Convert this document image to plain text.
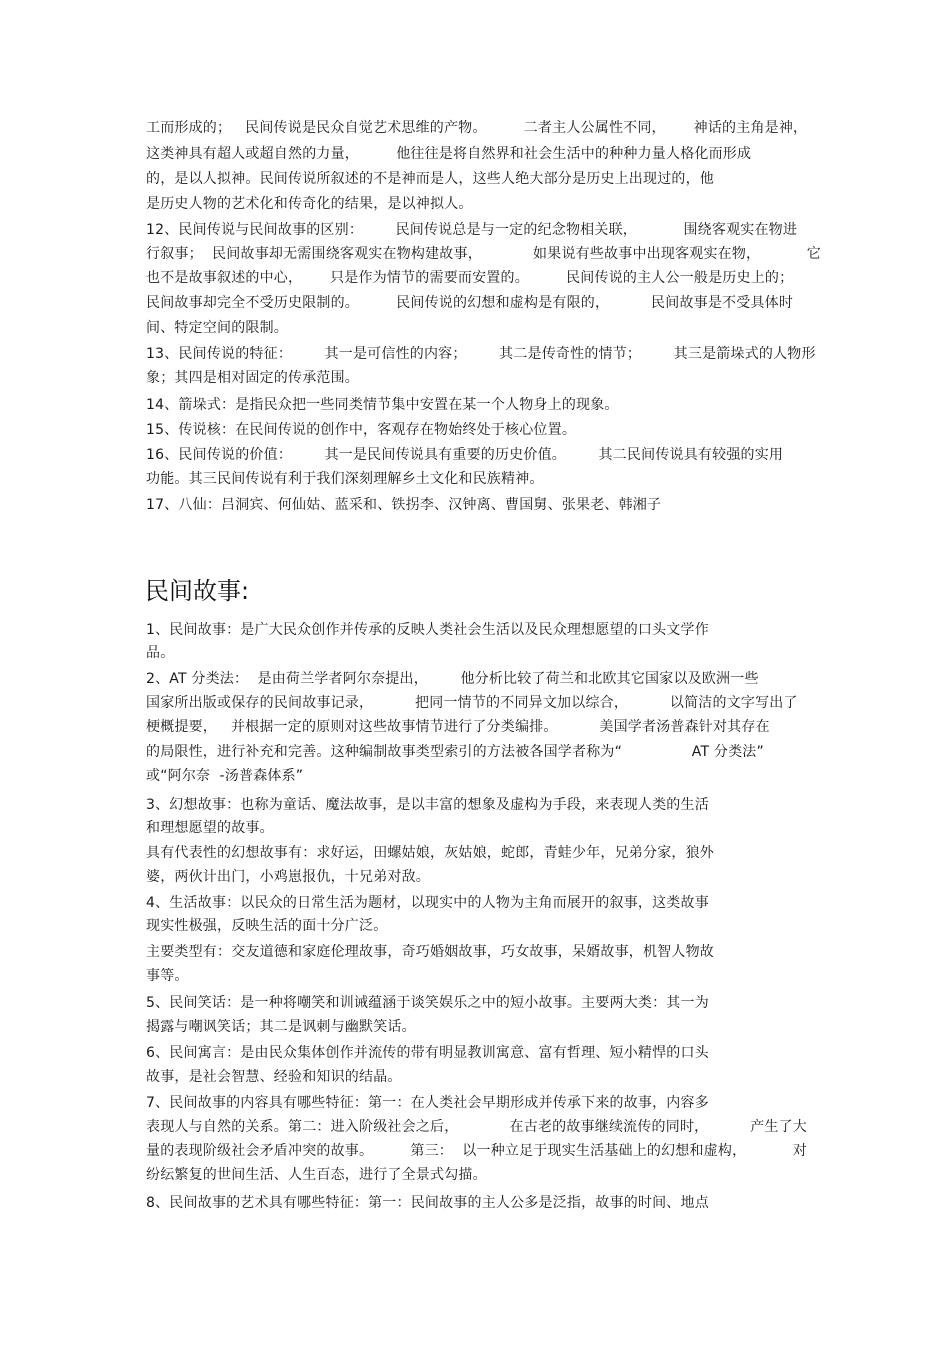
工而形成的；   民间传说是民众自觉艺术思维的产物。        二者主人公属性不同，      神话的主角是神，
这类神具有超人或超自然的力量，        他往往是将自然界和社会生活中的种种力量人格化而形成
的，是以人拟神。民间传说所叙述的不是神而是人，这些人绝大部分是历史上出现过的，他
是历史人物的艺术化和传奇化的结果，是以神拟人。
12、民间传说与民间故事的区别：       民间传说总是与一定的纪念物相关联，          围绕客观实在物进
行叙事；  民间故事却无需围绕客观实在物构建故事，           如果说有些故事中出现客观实在物，          它
也不是故事叙述的中心，      只是作为情节的需要而安置的。        民间传说的主人公一般是历史上的；
民间故事却完全不受历史限制的。        民间传说的幻想和虚构是有限的，         民间故事是不受具体时
间、特定空间的限制。
13、民间传说的特征：       其一是可信性的内容；       其二是传奇性的情节；       其三是箭垛式的人物形
象；其四是相对固定的传承范围。
14、箭垛式：是指民众把一些同类情节集中安置在某一个人物身上的现象。
15、传说核：在民间传说的创作中，客观存在物始终处于核心位置。
16、民间传说的价值：       其一是民间传说具有重要的历史价值。       其二民间传说具有较强的实用
功能。其三民间传说有利于我们深刻理解乡土文化和民族精神。
17、八仙：吕洞宾、何仙姑、蓝采和、铁拐李、汉钟离、曹国舅、张果老、韩湘子
民间故事:
1、民间故事：是广大民众创作并传承的反映人类社会生活以及民众理想愿望的口头文学作
品。
2、AT 分类法：  是由荷兰学者阿尔奈提出，       他分析比较了荷兰和北欧其它国家以及欧洲一些
国家所出版或保存的民间故事记录，         把同一情节的不同异文加以综合，         以简洁的文字写出了
梗概提要，   并根据一定的原则对这些故事情节进行了分类编排。         美国学者汤普森针对其存在
的局限性，进行补充和完善。这种编制故事类型索引的方法被各国学者称为“               AT 分类法”
或“阿尔奈  -汤普森体系”
3、幻想故事：也称为童话、魔法故事，是以丰富的想象及虚构为手段，来表现人类的生活
和理想愿望的故事。
具有代表性的幻想故事有：求好运，田螺姑娘，灰姑娘，蛇郎，青蛙少年，兄弟分家，狼外
婆，两伙计出门，小鸡崽报仇，十兄弟对敌。
4、生活故事：以民众的日常生活为题材，以现实中的人物为主角而展开的叙事，这类故事
现实性极强，反映生活的面十分广泛。
主要类型有：交友道德和家庭伦理故事，奇巧婚姻故事，巧女故事，呆婿故事，机智人物故
事等。
5、民间笑话：是一种将嘲笑和训诫蕴涵于谈笑娱乐之中的短小故事。主要两大类：其一为
揭露与嘲讽笑话；其二是讽刺与幽默笑话。
6、民间寓言：是由民众集体创作并流传的带有明显教训寓意、富有哲理、短小精悍的口头
故事，是社会智慧、经验和知识的结晶。
7、民间故事的内容具有哪些特征：第一：在人类社会早期形成并传承下来的故事，内容多
表现人与自然的关系。第二：进入阶级社会之后，           在古老的故事继续流传的同时，         产生了大
量的表现阶级社会矛盾冲突的故事。        第三：  以一种立足于现实生活基础上的幻想和虚构，          对
纷纭繁复的世间生活、人生百态，进行了全景式勾描。
8、民间故事的艺术具有哪些特征：第一：民间故事的主人公多是泛指，故事的时间、地点
